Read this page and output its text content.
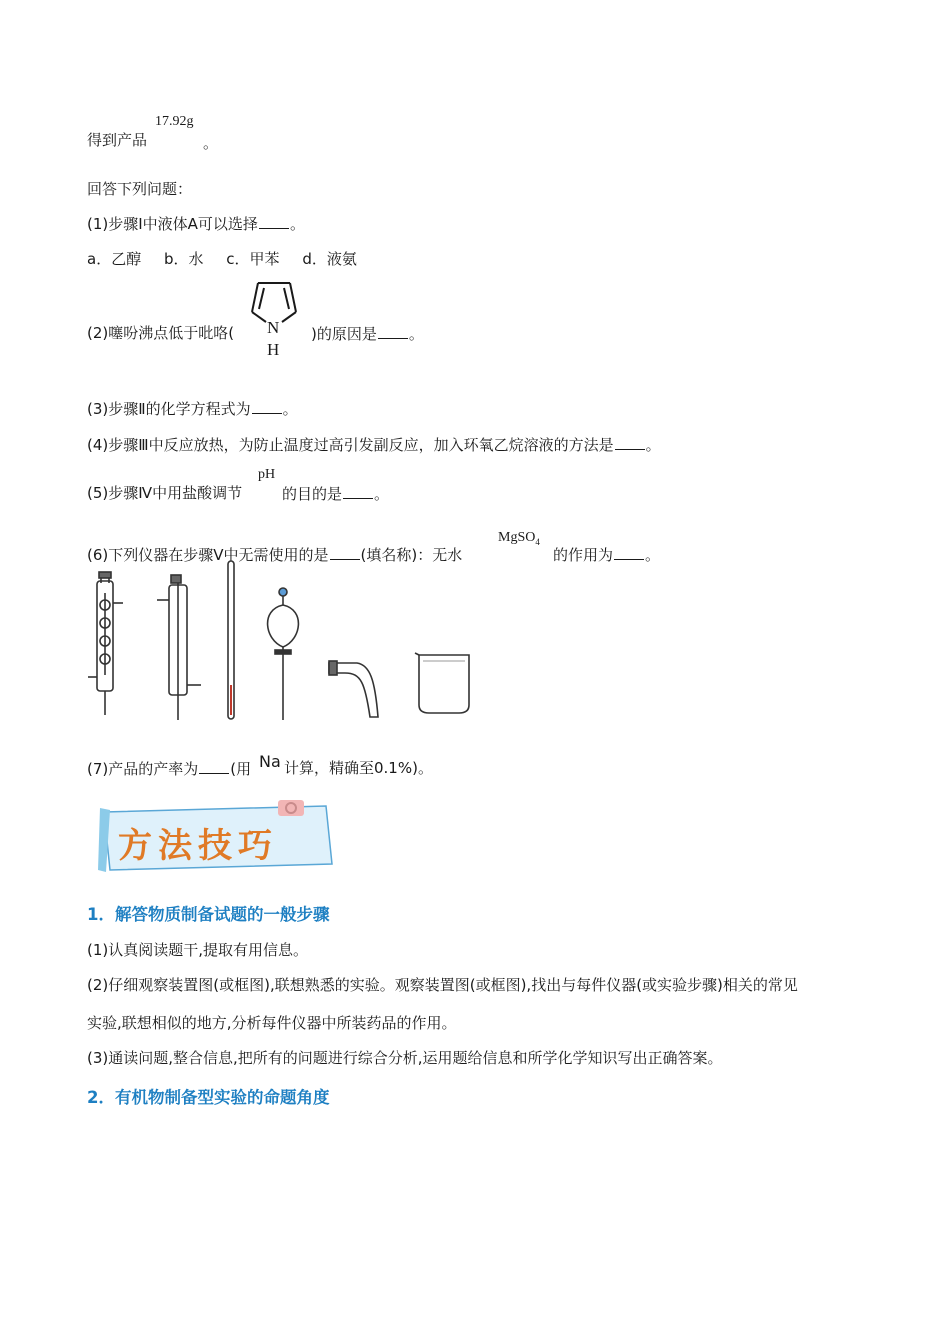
得到产品
17.92g
。
回答下列问题：
(1)步骤Ⅰ中液体A可以选择 。
a．乙醇 b．水 c．甲苯 d．液氨
(2)噻吩沸点低于吡咯( N
H
)的原因是 。
(3)步骤Ⅱ的化学方程式为 。
(4)步骤Ⅲ中反应放热，为防止温度过高引发副反应，加入环氧乙烷溶液的方法是 。
(5)步骤Ⅳ中用盐酸调节
pH
的目的是 。
(6)下列仪器在步骤Ⅴ中无需使用的是 (填名称)：无水
MgSO$_4$
的作用为 。
(7)产品的产率为 (用 Na 计算，精确至0.1%)。
方法技巧
1．解答物质制备试题的一般步骤
(1)认真阅读题干,提取有用信息。
(2)仔细观察装置图(或框图),联想熟悉的实验。观察装置图(或框图),找出与每件仪器(或实验步骤)相关的常见
实验,联想相似的地方,分析每件仪器中所装药品的作用。
(3)通读问题,整合信息,把所有的问题进行综合分析,运用题给信息和所学化学知识写出正确答案。
2．有机物制备型实验的命题角度
